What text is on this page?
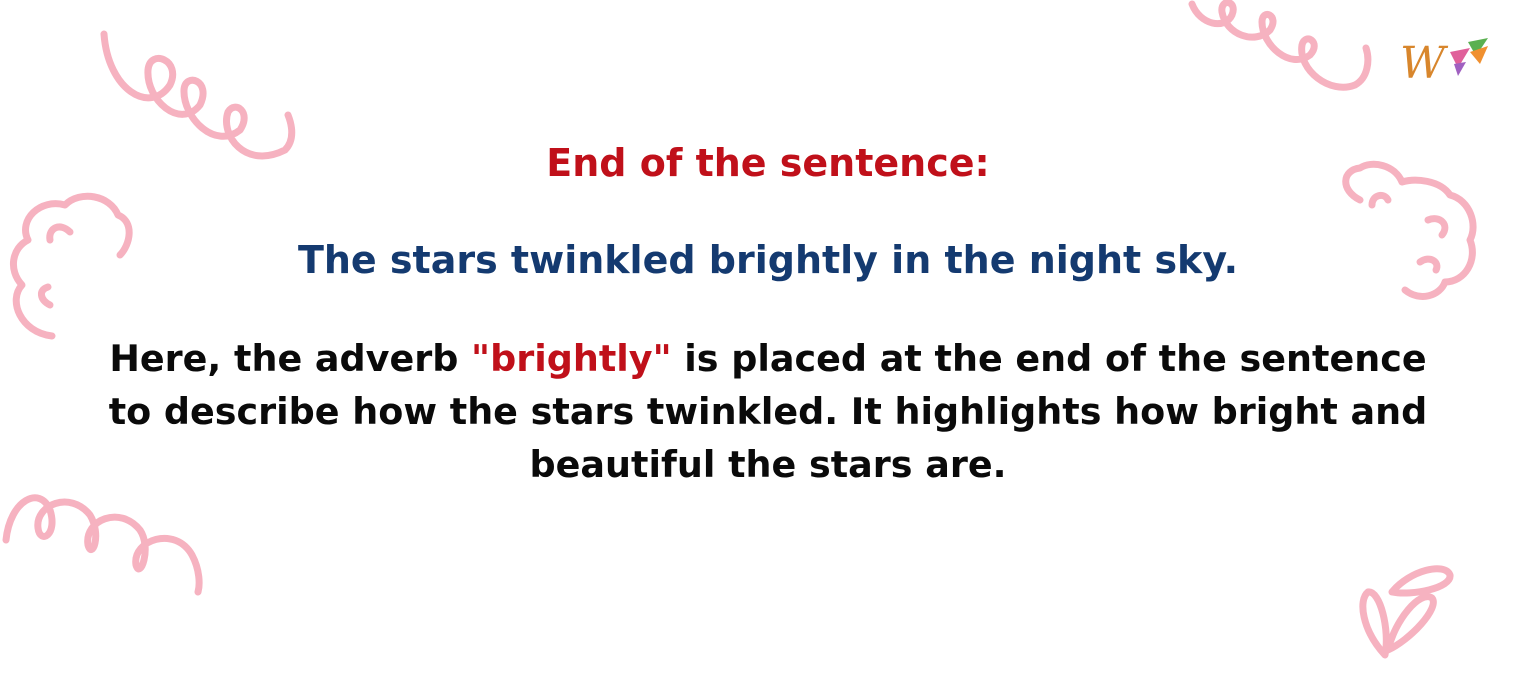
W

End of the sentence:

The stars twinkled brightly in the night sky.

Here, the adverb "brightly" is placed at the end of the sentence to describe how the stars twinkled. It highlights how bright and beautiful the stars are.
